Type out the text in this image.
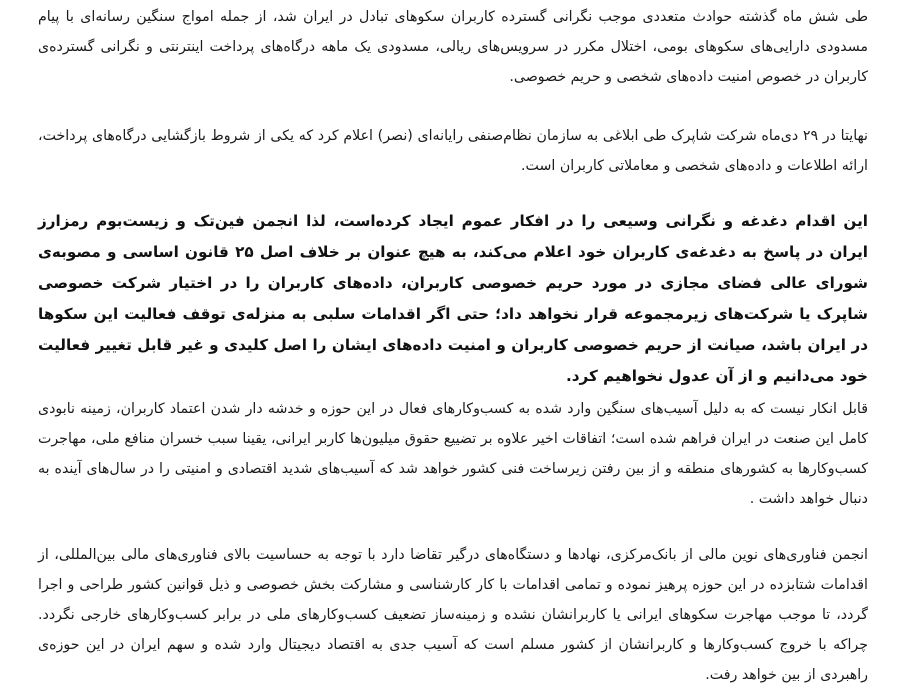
طی شش ماه گذشته حوادث متعددی موجب نگرانی گسترده کاربران سکوهای تبادل در ایران شد، از جمله امواج سنگین رسانه‌ای با پیام مسدودی دارایی‌های سکوهای بومی، اختلال مکرر در سرویس‌های ریالی، مسدودی یک ماهه درگاه‌های پرداخت اینترنتی و نگرانی گسترده‌ی کاربران در خصوص امنیت داده‌های شخصی و حریم خصوصی.

نهایتا در ۲۹ دی‌ماه شرکت شاپرک طی ابلاغی به سازمان نظام‌صنفی رایانه‌ای (نصر) اعلام کرد که یکی از شروط بازگشایی درگاه‌های پرداخت، ارائه اطلاعات و داده‌های شخصی و معاملاتی کاربران است.

این اقدام دغدغه و نگرانی وسیعی را در افکار عموم ایجاد کرده‌است، لذا انجمن فین‌تک و زیست‌بوم رمزارز ایران در پاسخ به دغدغه‌ی کاربران خود اعلام می‌کند، به هیچ عنوان بر خلاف اصل ۲۵ قانون اساسی و مصوبه‌ی شورای عالی فضای مجازی در مورد حریم خصوصی کاربران، داده‌های کاربران را در اختیار شرکت خصوصی شاپرک یا شرکت‌های زیرمجموعه قرار نخواهد داد؛ حتی اگر اقدامات سلبی به منزله‌ی توقف فعالیت این سکوها در ایران باشد، صیانت از حریم خصوصی کاربران و امنیت داده‌های ایشان را اصل کلیدی و غیر قابل تغییر فعالیت خود می‌دانیم و از آن عدول نخواهیم کرد.

قابل انکار نیست که به دلیل آسیب‌های سنگین وارد شده به کسب‌وکارهای فعال در این حوزه و خدشه دار شدن اعتماد کاربران، زمینه نابودی کامل این صنعت در ایران فراهم شده است؛ اتفاقات اخیر علاوه بر تضییع حقوق میلیون‌ها کاربر ایرانی، یقینا سبب خسران منافع ملی، مهاجرت کسب‌وکارها به کشورهای منطقه و از بین رفتن زیرساخت فنی کشور خواهد شد که آسیب‌های شدید اقتصادی و امنیتی را در سال‌های آینده به دنبال خواهد داشت .

انجمن فناوری‌های نوین مالی از بانک‌مرکزی، نهادها و دستگاه‌های درگیر تقاضا دارد با توجه به حساسیت بالای فناوری‌های مالی بین‌المللی، از اقدامات شتابزده در این حوزه پرهیز نموده و تمامی اقدامات با کار کارشناسی و مشارکت بخش خصوصی و ذیل قوانین کشور طراحی و اجرا گردد، تا موجب مهاجرت سکوهای ایرانی یا کاربرانشان نشده و زمینه‌ساز تضعیف کسب‌وکارهای ملی در برابر کسب‌وکارهای خارجی نگردد. چراکه با خروج کسب‌وکارها و کاربرانشان از کشور مسلم است که آسیب جدی به اقتصاد دیجیتال وارد شده و سهم ایران در این حوزه‌ی راهبردی از بین خواهد رفت.
